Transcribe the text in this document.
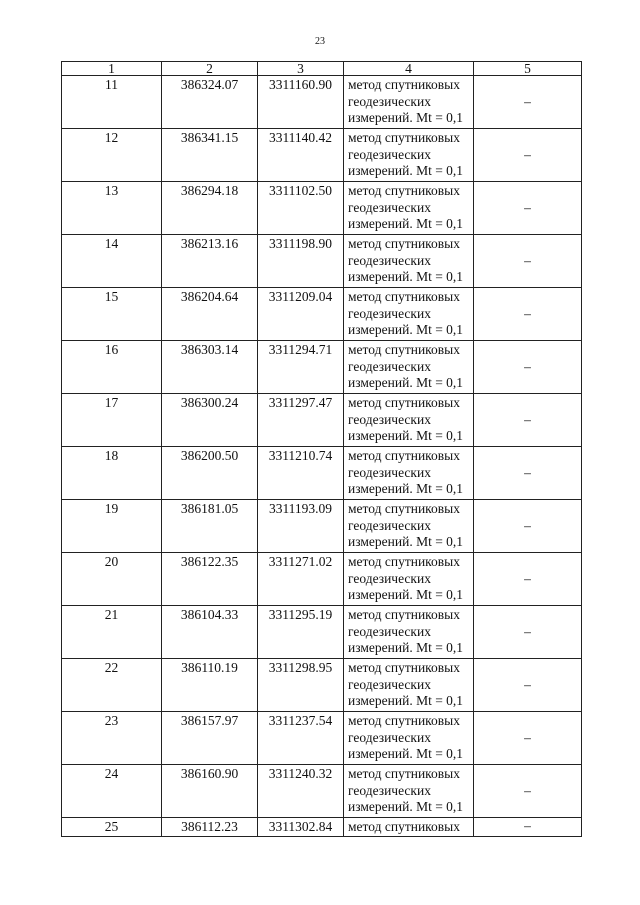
23
1	2	3	4	5
11	386324.07	3311160.90	метод спутниковых
геодезических
измерений. Mt = 0,1	–
12	386341.15	3311140.42	метод спутниковых
геодезических
измерений. Mt = 0,1	–
13	386294.18	3311102.50	метод спутниковых
геодезических
измерений. Mt = 0,1	–
14	386213.16	3311198.90	метод спутниковых
геодезических
измерений. Mt = 0,1	–
15	386204.64	3311209.04	метод спутниковых
геодезических
измерений. Mt = 0,1	–
16	386303.14	3311294.71	метод спутниковых
геодезических
измерений. Mt = 0,1	–
17	386300.24	3311297.47	метод спутниковых
геодезических
измерений. Mt = 0,1	–
18	386200.50	3311210.74	метод спутниковых
геодезических
измерений. Mt = 0,1	–
19	386181.05	3311193.09	метод спутниковых
геодезических
измерений. Mt = 0,1	–
20	386122.35	3311271.02	метод спутниковых
геодезических
измерений. Mt = 0,1	–
21	386104.33	3311295.19	метод спутниковых
геодезических
измерений. Mt = 0,1	–
22	386110.19	3311298.95	метод спутниковых
геодезических
измерений. Mt = 0,1	–
23	386157.97	3311237.54	метод спутниковых
геодезических
измерений. Mt = 0,1	–
24	386160.90	3311240.32	метод спутниковых
геодезических
измерений. Mt = 0,1	–
25	386112.23	3311302.84	метод спутниковых	–
